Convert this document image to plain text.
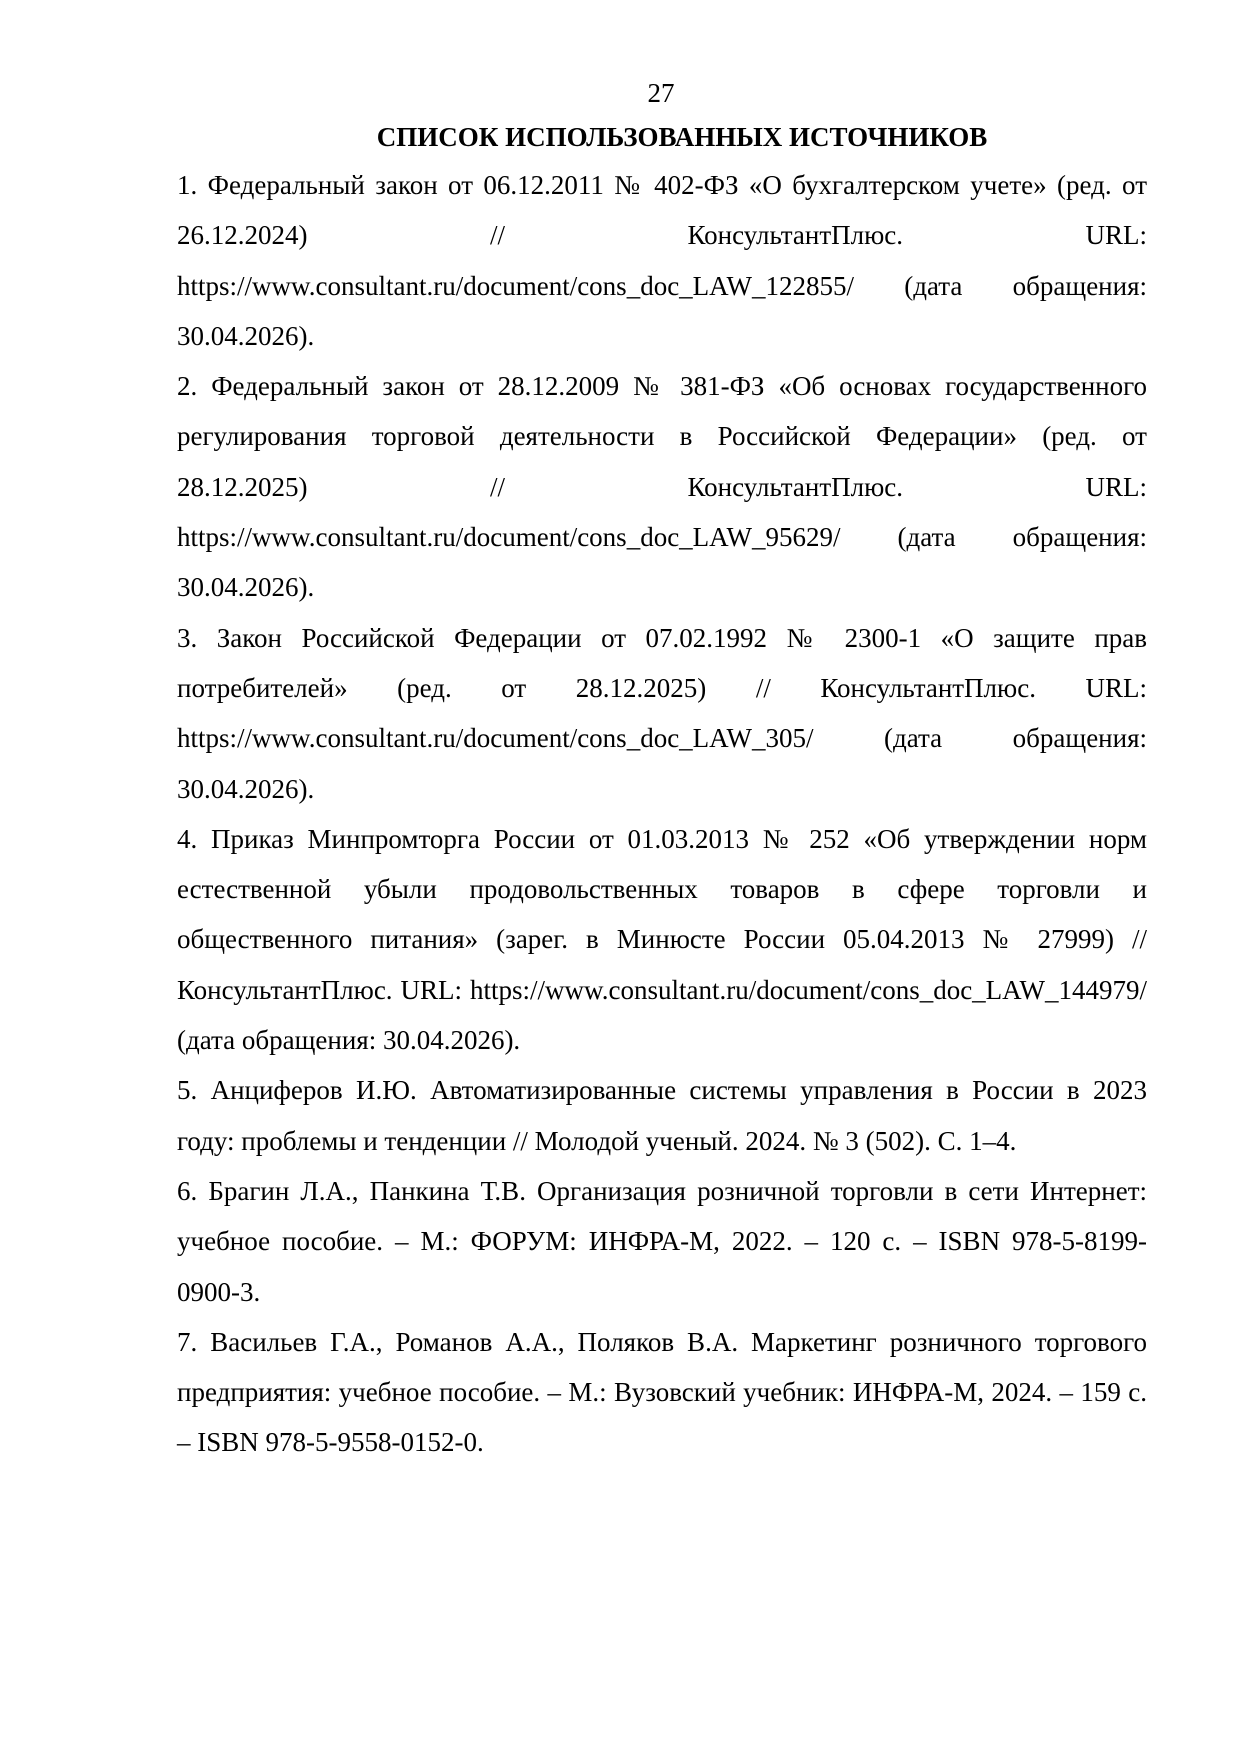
27
СПИСОК ИСПОЛЬЗОВАННЫХ ИСТОЧНИКОВ
1. Федеральный закон от 06.12.2011 № 402-ФЗ «О бухгалтерском учете» (ред. от 26.12.2024) // КонсультантПлюс. URL: https://www.consultant.ru/document/cons_doc_LAW_122855/ (дата обращения: 30.04.2026).
2. Федеральный закон от 28.12.2009 № 381-ФЗ «Об основах государственного регулирования торговой деятельности в Российской Федерации» (ред. от 28.12.2025) // КонсультантПлюс. URL: https://www.consultant.ru/document/cons_doc_LAW_95629/ (дата обращения: 30.04.2026).
3. Закон Российской Федерации от 07.02.1992 № 2300-1 «О защите прав потребителей» (ред. от 28.12.2025) // КонсультантПлюс. URL: https://www.consultant.ru/document/cons_doc_LAW_305/ (дата обращения: 30.04.2026).
4. Приказ Минпромторга России от 01.03.2013 № 252 «Об утверждении норм естественной убыли продовольственных товаров в сфере торговли и общественного питания» (зарег. в Минюсте России 05.04.2013 № 27999) // КонсультантПлюс. URL: https://www.consultant.ru/document/cons_doc_LAW_144979/ (дата обращения: 30.04.2026).
5. Анциферов И.Ю. Автоматизированные системы управления в России в 2023 году: проблемы и тенденции // Молодой ученый. 2024. № 3 (502). С. 1–4.
6. Брагин Л.А., Панкина Т.В. Организация розничной торговли в сети Интернет: учебное пособие. – М.: ФОРУМ: ИНФРА-М, 2022. – 120 с. – ISBN 978-5-8199-0900-3.
7. Васильев Г.А., Романов А.А., Поляков В.А. Маркетинг розничного торгового предприятия: учебное пособие. – М.: Вузовский учебник: ИНФРА-М, 2024. – 159 с. – ISBN 978-5-9558-0152-0.
